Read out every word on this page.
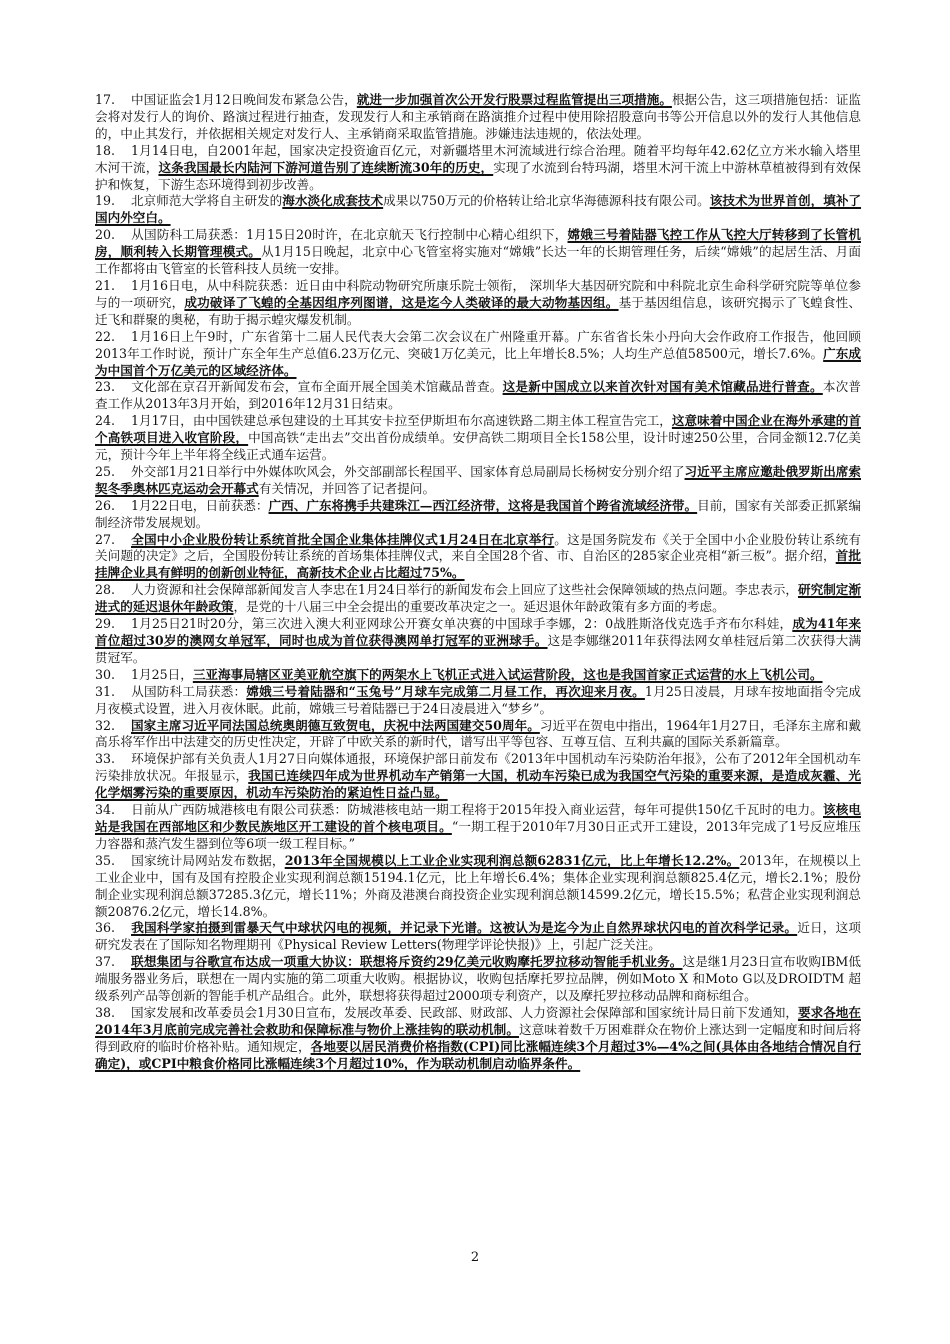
17. 中国证监会1月12日晚间发布紧急公告，就进一步加强首次公开发行股票过程监管提出三项措施。根据公告，这三项措施包括：证监会将对发行人的询价、路演过程进行抽查，发现发行人和主承销商在路演推介过程中使用除招股意向书等公开信息以外的发行人其他信息的，中止其发行，并依据相关规定对发行人、主承销商采取监管措施。涉嫌违法违规的，依法处理。

18. 1月14日电，自2001年起，国家决定投资逾百亿元，对新疆塔里木河流域进行综合治理。随着平均每年42.62亿立方米水输入塔里木河干流，这条我国最长内陆河下游河道告别了连续断流30年的历史，实现了水流到台特玛湖，塔里木河干流上中游林草植被得到有效保护和恢复，下游生态环境得到初步改善。

19. 北京师范大学将自主研发的海水淡化成套技术成果以750万元的价格转让给北京华海德源科技有限公司。该技术为世界首创，填补了国内外空白。

20. 从国防科工局获悉：1月15日20时许，在北京航天飞行控制中心精心组织下，嫦娥三号着陆器飞控工作从飞控大厅转移到了长管机房，顺利转入长期管理模式。从1月15日晚起，北京中心飞管室将实施对“嫦娥”长达一年的长期管理任务，后续“嫦娥”的起居生活、月面工作都将由飞管室的长管科技人员统一安排。

21. 1月16日电，从中科院获悉：近日由中科院动物研究所康乐院士领衔， 深圳华大基因研究院和中科院北京生命科学研究院等单位参与的一项研究，成功破译了飞蝗的全基因组序列图谱，这是迄今人类破译的最大动物基因组。基于基因组信息，该研究揭示了飞蝗食性、迁飞和群聚的奥秘，有助于揭示蝗灾爆发机制。

22. 1月16日上午9时，广东省第十二届人民代表大会第二次会议在广州隆重开幕。广东省省长朱小丹向大会作政府工作报告，他回顾2013年工作时说，预计广东全年生产总值6.23万亿元、突破1万亿美元，比上年增长8.5%；人均生产总值58500元，增长7.6%。广东成为中国首个万亿美元的区域经济体。

23. 文化部在京召开新闻发布会，宣布全面开展全国美术馆藏品普查。这是新中国成立以来首次针对国有美术馆藏品进行普查。本次普查工作从2013年3月开始，到2016年12月31日结束。

24. 1月17日，由中国铁建总承包建设的土耳其安卡拉至伊斯坦布尔高速铁路二期主体工程宣告完工，这意味着中国企业在海外承建的首个高铁项目进入收官阶段，中国高铁“走出去”交出首份成绩单。安伊高铁二期项目全长158公里，设计时速250公里，合同金额12.7亿美元，预计今年上半年将全线正式通车运营。

25. 外交部1月21日举行中外媒体吹风会，外交部副部长程国平、国家体育总局副局长杨树安分别介绍了习近平主席应邀赴俄罗斯出席索契冬季奥林匹克运动会开幕式有关情况，并回答了记者提问。

26. 1月22日电，日前获悉：广西、广东将携手共建珠江—西江经济带，这将是我国首个跨省流域经济带。目前，国家有关部委正抓紧编制经济带发展规划。

27. 全国中小企业股份转让系统首批全国企业集体挂牌仪式1月24日在北京举行。这是国务院发布《关于全国中小企业股份转让系统有关问题的决定》之后，全国股份转让系统的首场集体挂牌仪式，来自全国28个省、市、自治区的285家企业亮相“新三板”。据介绍，首批挂牌企业具有鲜明的创新创业特征，高新技术企业占比超过75%。

28. 人力资源和社会保障部新闻发言人李忠在1月24日举行的新闻发布会上回应了这些社会保障领域的热点问题。李忠表示，研究制定渐进式的延迟退休年龄政策，是党的十八届三中全会提出的重要改革决定之一。延迟退休年龄政策有多方面的考虑。

29. 1月25日21时20分，第三次进入澳大利亚网球公开赛女单决赛的中国球手李娜，2：0战胜斯洛伐克选手齐布尔科娃，成为41年来首位超过30岁的澳网女单冠军，同时也成为首位获得澳网单打冠军的亚洲球手。这是李娜继2011年获得法网女单桂冠后第二次获得大满贯冠军。

30. 1月25日，三亚海事局辖区亚美亚航空旗下的两架水上飞机正式进入试运营阶段，这也是我国首家正式运营的水上飞机公司。

31. 从国防科工局获悉：嫦娥三号着陆器和“玉兔号”月球车完成第二月昼工作，再次迎来月夜。1月25日凌晨，月球车按地面指令完成月夜模式设置，进入月夜休眠。此前，嫦娥三号着陆器已于24日凌晨进入“梦乡”。

32. 国家主席习近平同法国总统奥朗德互致贺电，庆祝中法两国建交50周年。习近平在贺电中指出，1964年1月27日，毛泽东主席和戴高乐将军作出中法建交的历史性决定，开辟了中欧关系的新时代，谱写出平等包容、互尊互信、互利共赢的国际关系新篇章。

33. 环境保护部有关负责人1月27日向媒体通报，环境保护部日前发布《2013年中国机动车污染防治年报》，公布了2012年全国机动车污染排放状况。年报显示，我国已连续四年成为世界机动车产销第一大国，机动车污染已成为我国空气污染的重要来源，是造成灰霾、光化学烟雾污染的重要原因，机动车污染防治的紧迫性日益凸显。

34. 日前从广西防城港核电有限公司获悉：防城港核电站一期工程将于2015年投入商业运营，每年可提供150亿千瓦时的电力。该核电站是我国在西部地区和少数民族地区开工建设的首个核电项目。“一期工程于2010年7月30日正式开工建设，2013年完成了1号反应堆压力容器和蒸汽发生器到位等6项一级工程目标。”

35. 国家统计局网站发布数据，2013年全国规模以上工业企业实现利润总额62831亿元，比上年增长12.2%。2013年，在规模以上工业企业中，国有及国有控股企业实现利润总额15194.1亿元，比上年增长6.4%；集体企业实现利润总额825.4亿元，增长2.1%；股份制企业实现利润总额37285.3亿元，增长11%；外商及港澳台商投资企业实现利润总额14599.2亿元，增长15.5%；私营企业实现利润总额20876.2亿元，增长14.8%。

36. 我国科学家拍摄到雷暴天气中球状闪电的视频，并记录下光谱。这被认为是迄今为止自然界球状闪电的首次科学记录。近日，这项研究发表在了国际知名物理期刊《Physical Review Letters(物理学评论快报)》上，引起广泛关注。

37. 联想集团与谷歌宣布达成一项重大协议：联想将斥资约29亿美元收购摩托罗拉移动智能手机业务。这是继1月23日宣布收购IBM低端服务器业务后，联想在一周内实施的第二项重大收购。根据协议，收购包括摩托罗拉品牌，例如Moto X 和Moto G以及DROIDTM 超级系列产品等创新的智能手机产品组合。此外，联想将获得超过2000项专利资产，以及摩托罗拉移动品牌和商标组合。

38. 国家发展和改革委员会1月30日宣布，发展改革委、民政部、财政部、人力资源社会保障部和国家统计局日前下发通知，要求各地在2014年3月底前完成完善社会救助和保障标准与物价上涨挂钩的联动机制。这意味着数千万困难群众在物价上涨达到一定幅度和时间后将得到政府的临时价格补贴。通知规定，各地要以居民消费价格指数(CPI)同比涨幅连续3个月超过3%—4%之间(具体由各地结合情况自行确定)，或CPI中粮食价格同比涨幅连续3个月超过10%，作为联动机制启动临界条件。

2
